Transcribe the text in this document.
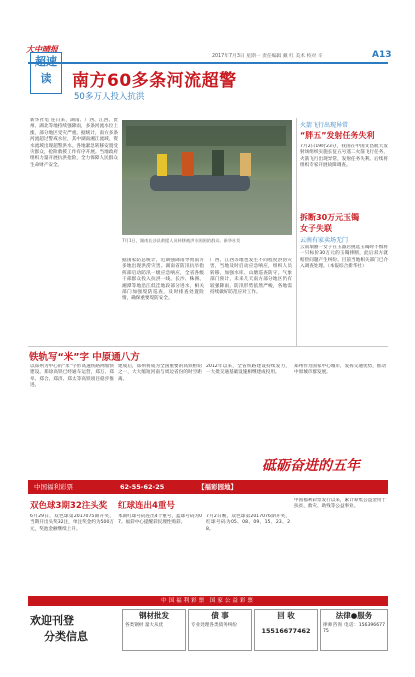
大中晴报
读
2017年7月3日 星期一 责任编辑 戴 红 美术 校对 辛	A13
南方60多条河流超警
50多万人投入抗洪
新华社电 连日来，湖南、广西、江西、贵州、湖北等地持续强降雨，多条河流水位上涨，部分地区受灾严重。据统计，南方多条河流超过警戒水位，其中湖南湘江流域、资水流域出现超警洪水。各地紧急转移安置受灾群众，抢险救援工作有序开展。当地政府组织力量开展抗洪抢险，全力保障人民群众生命财产安全。
7月1日，湖南长沙县救援人员转移被洪水围困的群众。新华社发
据国家防总统计，近期强降雨导致南方多地出现洪涝灾害。湖南省防汛抗旱指挥部启动防汛一级应急响应，全省各级干部群众投入抗洪一线。长沙、株洲、湘潭等地沿江低洼地段部分进水，相关部门加强堤防巡查，及时排查处置险情，确保重要堤防安全。
广西、江西等地也发生不同程度洪涝灾害，当地及时启动应急响应，组织人员转移，加强水库、山塘巡查防守。气象部门预计，未来几天南方部分地区仍有较强降雨，防汛形势依然严峻，各地需持续做好防范应对工作。
火箭飞行出现异常
“胖五”发射任务失利
7月2日19时23分，我国在中国文昌航天发射场组织实施长征五号遥二火箭飞行任务，火箭飞行出现异常，发射任务失利。后续将组织专家开展故障调查。
拆断30万元玉镯
女子失联
云南有家卖场无门
云南瑞丽一女子在玉器店挑选玉镯时不慎将一只标价30万元的玉镯摔断，此后双方就赔偿问题产生纠纷。目前当地相关部门已介入调查处理。（本报综合新华社）
铁轨写“米”字 中原通八方
以郑州为中心的“米”字形高速铁路网加快建设。郑徐高铁已经通车运营，郑万、郑阜、郑合、郑济、郑太等高铁项目稳步推进。
建成后，郑州将成为全国重要的高铁枢纽之一，大大缩短河南与周边省份的时空距离。
2012年以来，全省铁路建设持续发力，一大批交通基础设施相继建成投用。
郑州作为国家中心城市，发挥交通优势，推动中原城市群发展。
砥砺奋进的五年
中国福利彩票	62-55-62-25	【福彩园地】
双色球3期32注头奖 红球连出4重号
6月29日，双色球第2017075期开奖，当期开出头奖32注，单注奖金约为500万元，奖池金额继续上升。
本期红球号码连出4个重号，蓝球号码为07。福彩中心提醒彩民理性购彩。
7月2日晚，双色球第2017076期开奖，红球号码为05、08、09、15、23、28。
中国福利彩票发行以来，累计筹集公益金用于扶贫、救灾、助残等公益事业。
中国福利彩票 国家公益彩票
欢迎刊登
分类信息
钢材批发
各类钢材 量大从优
债 事
专业处理各类债务纠纷
回 收
15516677462
法律●服务
律师咨询 电话：15639667775
